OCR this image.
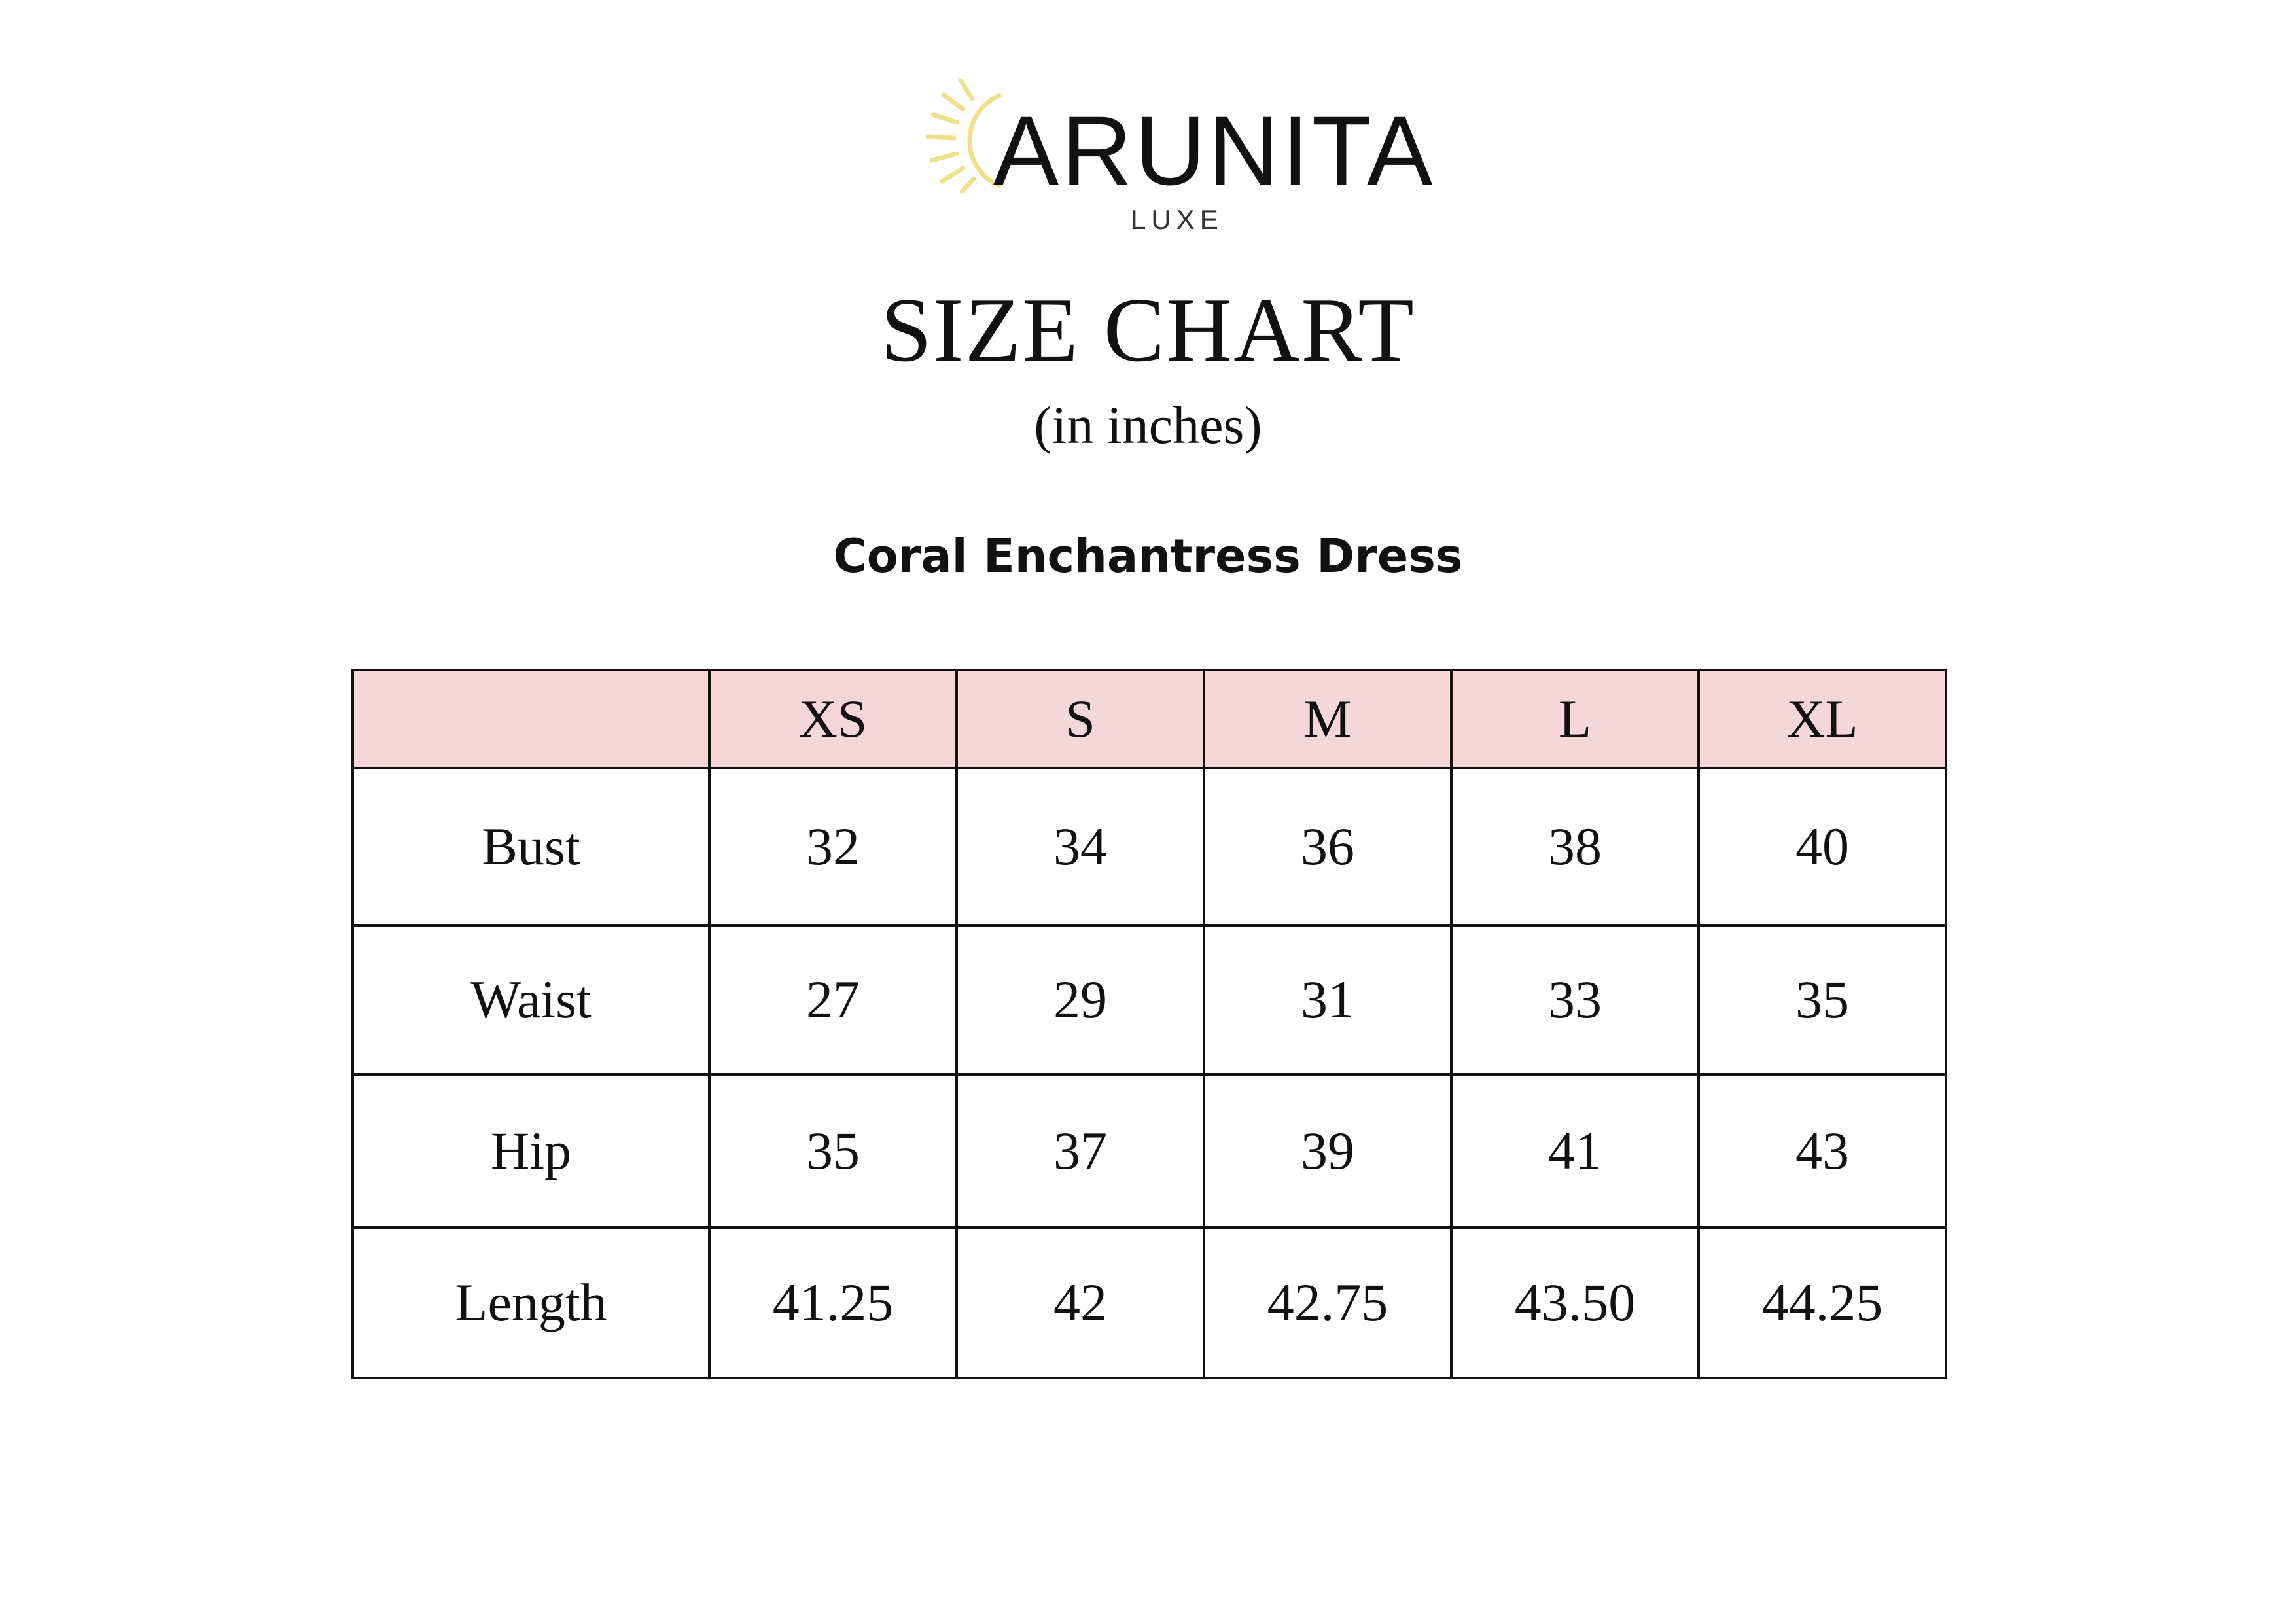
ARUNITA
LUXE
SIZE CHART
(in inches)
Coral Enchantress Dress
	XS	S	M	L	XL
Bust	32	34	36	38	40
Waist	27	29	31	33	35
Hip	35	37	39	41	43
Length	41.25	42	42.75	43.50	44.25
